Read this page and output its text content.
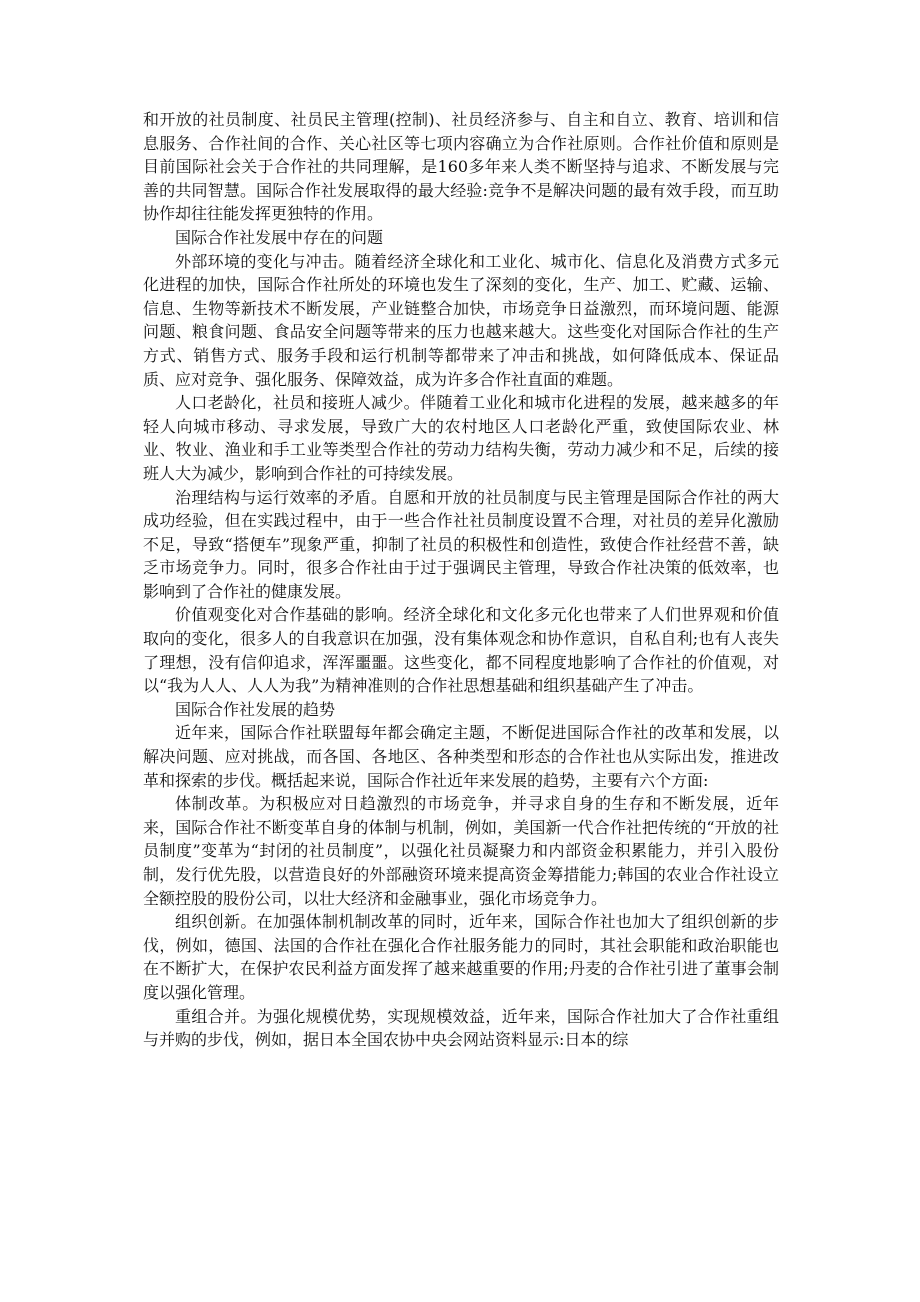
和开放的社员制度、社员民主管理(控制)、社员经济参与、自主和自立、教育、培训和信息服务、合作社间的合作、关心社区等七项内容确立为合作社原则。合作社价值和原则是目前国际社会关于合作社的共同理解，是160多年来人类不断坚持与追求、不断发展与完善的共同智慧。国际合作社发展取得的最大经验:竞争不是解决问题的最有效手段，而互助协作却往往能发挥更独特的作用。

国际合作社发展中存在的问题

外部环境的变化与冲击。随着经济全球化和工业化、城市化、信息化及消费方式多元化进程的加快，国际合作社所处的环境也发生了深刻的变化，生产、加工、贮藏、运输、信息、生物等新技术不断发展，产业链整合加快，市场竞争日益激烈，而环境问题、能源问题、粮食问题、食品安全问题等带来的压力也越来越大。这些变化对国际合作社的生产方式、销售方式、服务手段和运行机制等都带来了冲击和挑战，如何降低成本、保证品质、应对竞争、强化服务、保障效益，成为许多合作社直面的难题。

人口老龄化，社员和接班人减少。伴随着工业化和城市化进程的发展，越来越多的年轻人向城市移动、寻求发展，导致广大的农村地区人口老龄化严重，致使国际农业、林业、牧业、渔业和手工业等类型合作社的劳动力结构失衡，劳动力减少和不足，后续的接班人大为减少，影响到合作社的可持续发展。

治理结构与运行效率的矛盾。自愿和开放的社员制度与民主管理是国际合作社的两大成功经验，但在实践过程中，由于一些合作社社员制度设置不合理，对社员的差异化激励不足，导致“搭便车”现象严重，抑制了社员的积极性和创造性，致使合作社经营不善，缺乏市场竞争力。同时，很多合作社由于过于强调民主管理，导致合作社决策的低效率，也影响到了合作社的健康发展。

价值观变化对合作基础的影响。经济全球化和文化多元化也带来了人们世界观和价值取向的变化，很多人的自我意识在加强，没有集体观念和协作意识，自私自利;也有人丧失了理想，没有信仰追求，浑浑噩噩。这些变化，都不同程度地影响了合作社的价值观，对以“我为人人、人人为我”为精神准则的合作社思想基础和组织基础产生了冲击。

国际合作社发展的趋势

近年来，国际合作社联盟每年都会确定主题，不断促进国际合作社的改革和发展，以解决问题、应对挑战，而各国、各地区、各种类型和形态的合作社也从实际出发，推进改革和探索的步伐。概括起来说，国际合作社近年来发展的趋势，主要有六个方面:

体制改革。为积极应对日趋激烈的市场竞争，并寻求自身的生存和不断发展，近年来，国际合作社不断变革自身的体制与机制，例如，美国新一代合作社把传统的“开放的社员制度”变革为“封闭的社员制度”，以强化社员凝聚力和内部资金积累能力，并引入股份制，发行优先股，以营造良好的外部融资环境来提高资金筹措能力;韩国的农业合作社设立全额控股的股份公司，以壮大经济和金融事业，强化市场竞争力。

组织创新。在加强体制机制改革的同时，近年来，国际合作社也加大了组织创新的步伐，例如，德国、法国的合作社在强化合作社服务能力的同时，其社会职能和政治职能也在不断扩大，在保护农民利益方面发挥了越来越重要的作用;丹麦的合作社引进了董事会制度以强化管理。

重组合并。为强化规模优势，实现规模效益，近年来，国际合作社加大了合作社重组与并购的步伐，例如，据日本全国农协中央会网站资料显示:日本的综
